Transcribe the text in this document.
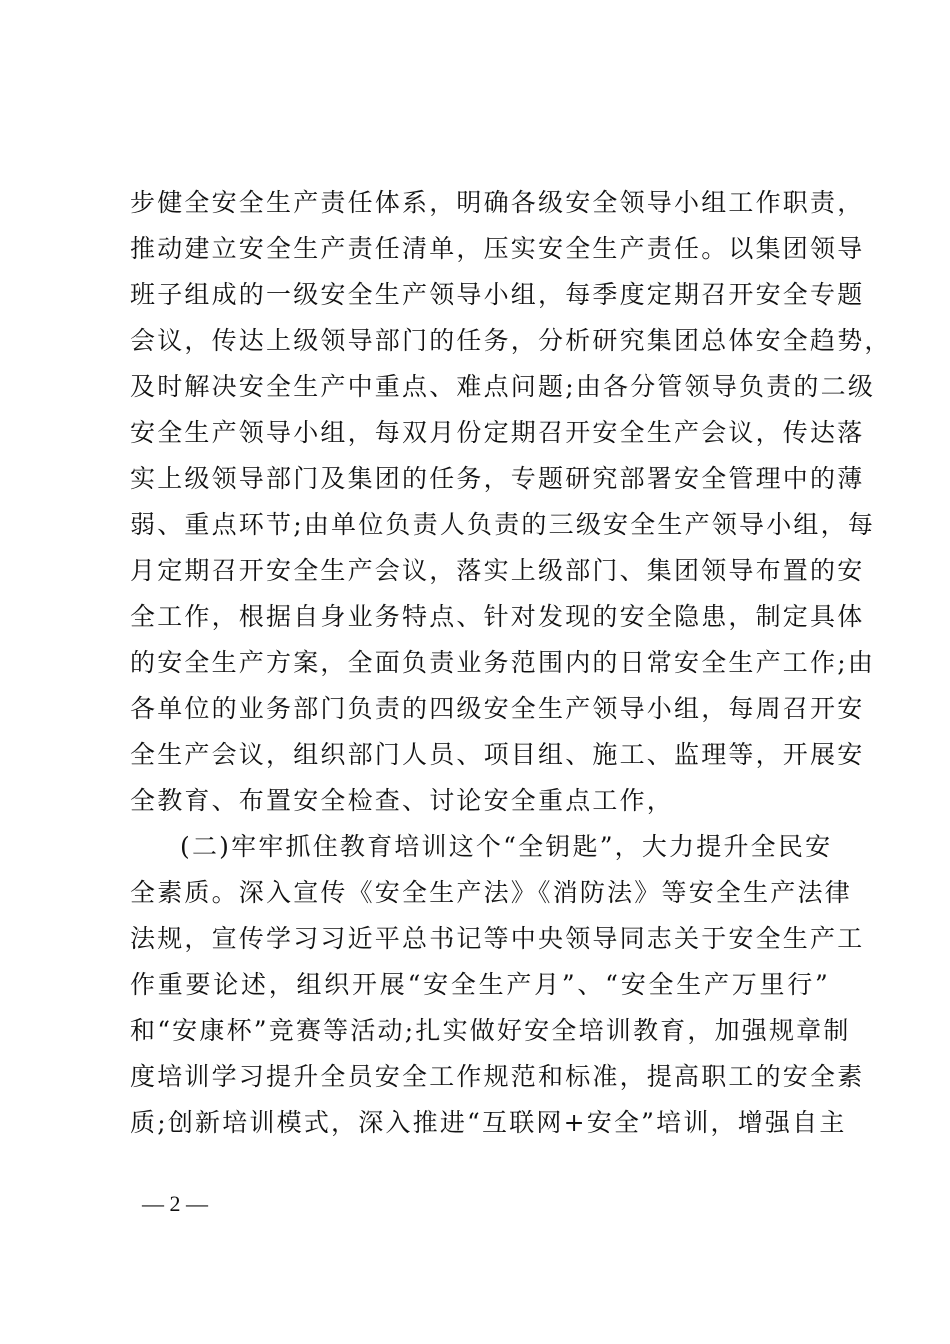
步健全安全生产责任体系，明确各级安全领导小组工作职责，
推动建立安全生产责任清单，压实安全生产责任。以集团领导
班子组成的一级安全生产领导小组，每季度定期召开安全专题
会议，传达上级领导部门的任务，分析研究集团总体安全趋势，
及时解决安全生产中重点、难点问题;由各分管领导负责的二级
安全生产领导小组，每双月份定期召开安全生产会议，传达落
实上级领导部门及集团的任务，专题研究部署安全管理中的薄
弱、重点环节;由单位负责人负责的三级安全生产领导小组，每
月定期召开安全生产会议，落实上级部门、集团领导布置的安
全工作，根据自身业务特点、针对发现的安全隐患，制定具体
的安全生产方案，全面负责业务范围内的日常安全生产工作;由
各单位的业务部门负责的四级安全生产领导小组，每周召开安
全生产会议，组织部门人员、项目组、施工、监理等，开展安
全教育、布置安全检查、讨论安全重点工作，
(二)牢牢抓住教育培训这个“全钥匙”，大力提升全民安
全素质。深入宣传《安全生产法》《消防法》等安全生产法律
法规，宣传学习习近平总书记等中央领导同志关于安全生产工
作重要论述，组织开展“安全生产月”、“安全生产万里行”
和“安康杯”竞赛等活动;扎实做好安全培训教育，加强规章制
度培训学习提升全员安全工作规范和标准，提高职工的安全素
质;创新培训模式，深入推进“互联网+安全”培训，增强自主
— 2 —
